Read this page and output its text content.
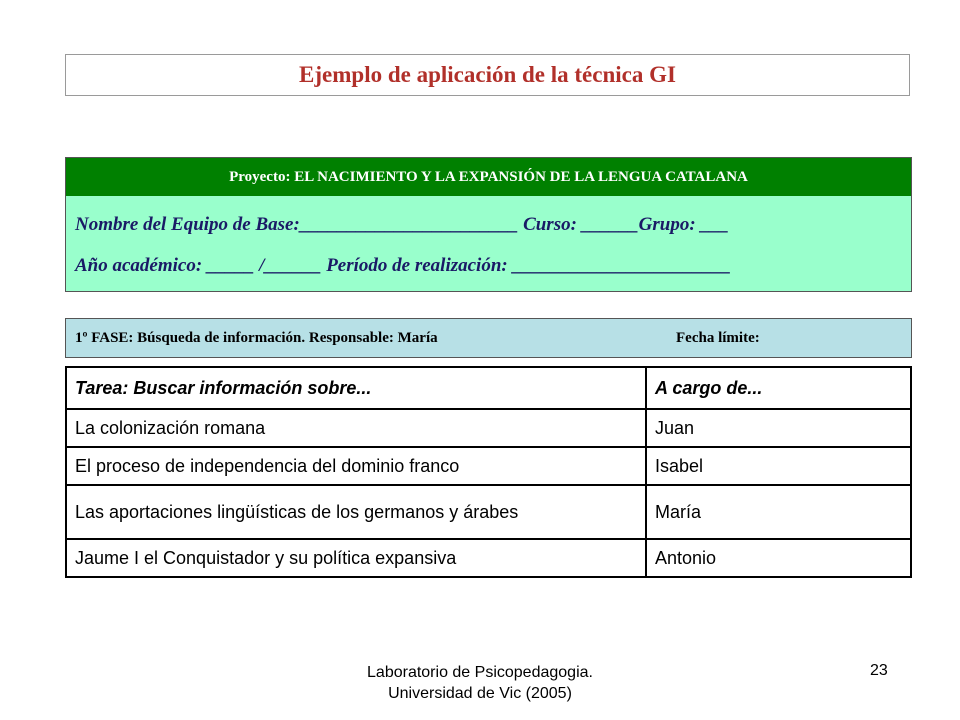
Ejemplo de aplicación de la técnica GI
Proyecto: EL NACIMIENTO Y LA EXPANSIÓN DE LA LENGUA CATALANA
Nombre del Equipo de Base:_______________________ Curso: ______Grupo: ___
Año académico: _____ /______ Período de realización: _______________________
1º FASE: Búsqueda de información. Responsable: María	Fecha límite:
Tarea: Buscar información sobre...	A cargo de...
La colonización romana	Juan
El proceso de independencia del dominio franco	Isabel
Las aportaciones lingüísticas de los germanos y árabes	María
Jaume I el Conquistador y su política expansiva	Antonio
Laboratorio de Psicopedagogia.
Universidad de Vic (2005)
23
